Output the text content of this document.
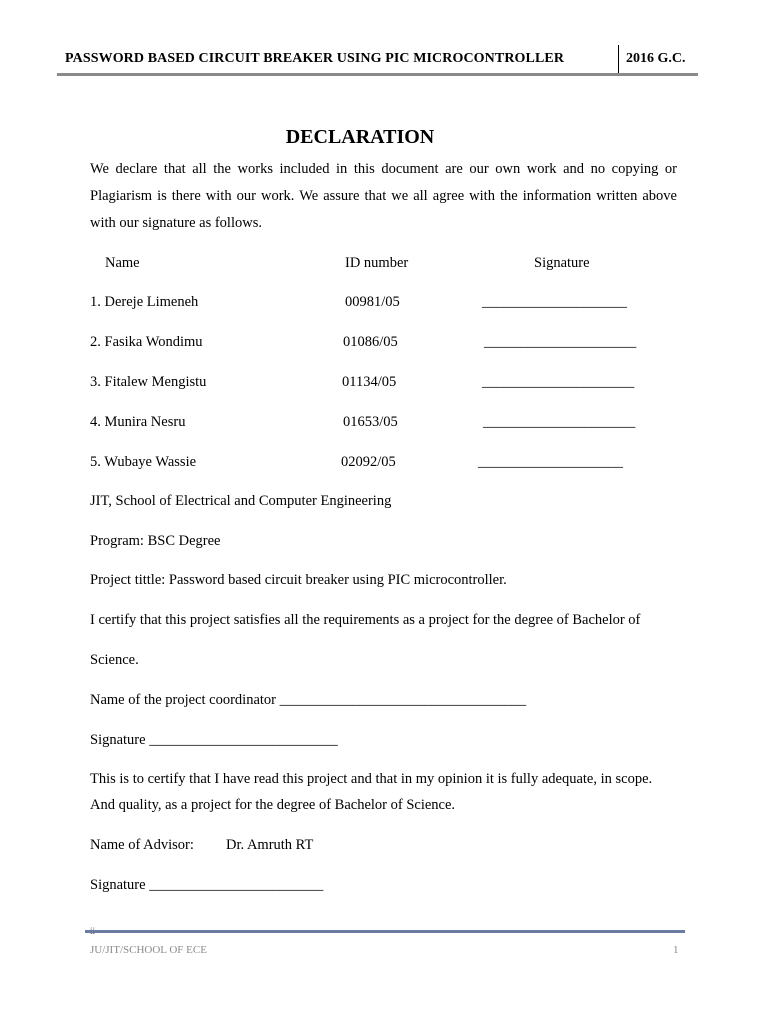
PASSWORD BASED CIRCUIT BREAKER USING PIC MICROCONTROLLER	2016 G.C.
DECLARATION
We declare that all the works included in this document are our own work and no copying or Plagiarism is there with our work. We assure that we all agree with the information written above with our signature as follows.
Name	ID number	Signature
1. Dereje Limeneh	00981/05	____________________
2. Fasika Wondimu	01086/05	_____________________
3. Fitalew Mengistu	01134/05	_____________________
4. Munira Nesru	01653/05	_____________________
5. Wubaye Wassie	02092/05	____________________
JIT, School of Electrical and Computer Engineering
Program: BSC Degree
Project tittle: Password based circuit breaker using PIC microcontroller.
I certify that this project satisfies all the requirements as a project for the degree of Bachelor of
Science.
Name of the project coordinator __________________________________
Signature __________________________
This is to certify that I have read this project and that in my opinion it is fully adequate, in scope.
And quality, as a project for the degree of Bachelor of Science.
Name of Advisor: Dr. Amruth RT
Signature ________________________
JU/JIT/SCHOOL OF ECE	1
